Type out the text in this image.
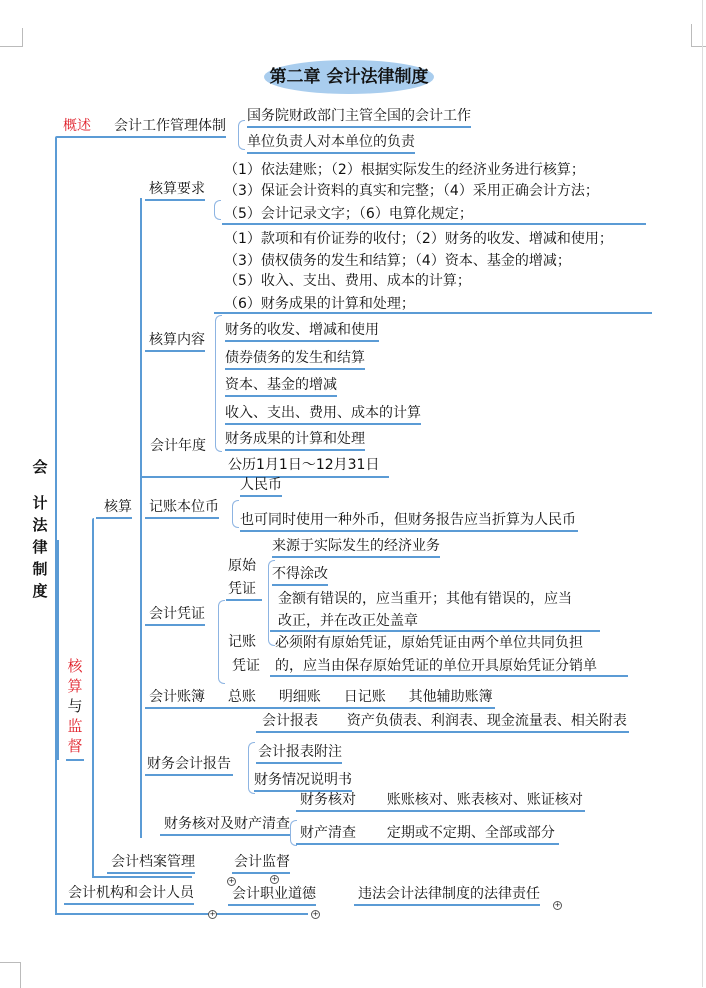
第二章 会计法律制度
会
计
法
律
制
度
概述	会计工作管理体制
国务院财政部门主管全国的会计工作
单位负责人对本单位的负责
核
算
与
监
督
核算
核算要求
（1）依法建账；（2）根据实际发生的经济业务进行核算；
（3）保证会计资料的真实和完整；（4）采用正确会计方法；
（5）会计记录文字；（6）电算化规定；
（1）款项和有价证券的收付；（2）财务的收发、增减和使用；
（3）债权债务的发生和结算；（4）资本、基金的增减；
（5）收入、支出、费用、成本的计算；
（6）财务成果的计算和处理；
核算内容
财务的收发、增减和使用
债券债务的发生和结算
资本、基金的增减
收入、支出、费用、成本的计算
财务成果的计算和处理
会计年度
公历1月1日～12月31日
记账本位币
人民币
也可同时使用一种外币，但财务报告应当折算为人民币
会计凭证
原始
凭证
来源于实际发生的经济业务
不得涂改
金额有错误的，应当重开；其他有错误的，应当
改正，并在改正处盖章
记账
凭证
必须附有原始凭证，原始凭证由两个单位共同负担
的，应当由保存原始凭证的单位开具原始凭证分销单
会计账簿 总账 明细账 日记账 其他辅助账簿
会计报表 资产负债表、利润表、现金流量表、相关附表
财务会计报告
会计报表附注
财务情况说明书
财务核对及财产清查
财务核对 账账核对、账表核对、账证核对
财产清查 定期或不定期、全部或部分
会计档案管理	会计监督
+
+
会计机构和会计人员	会计职业道德	违法会计法律制度的法律责任
+	+
+
